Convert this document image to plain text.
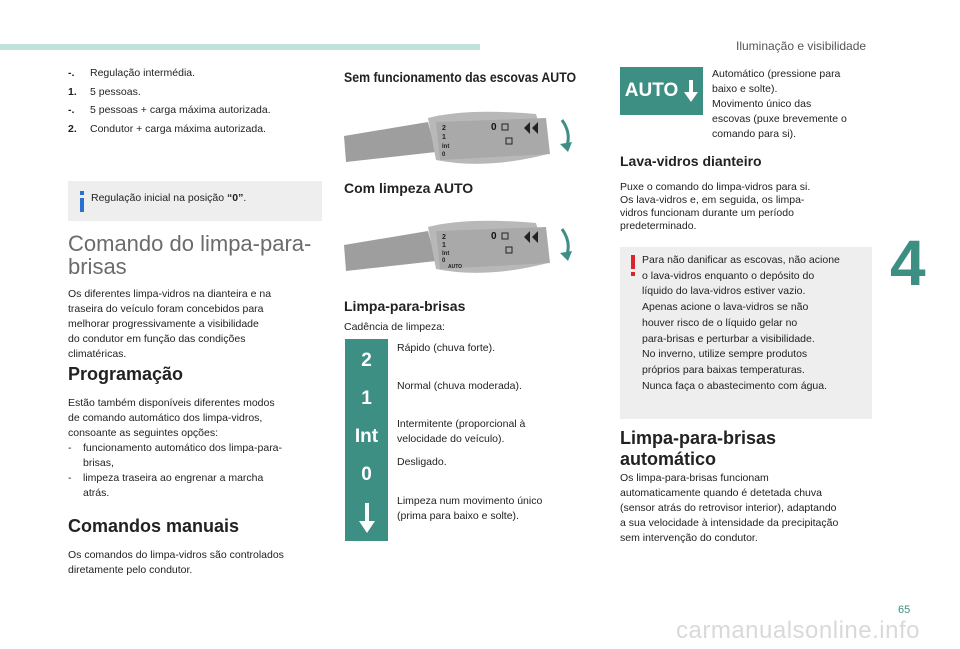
Iluminação e visibilidade
-.	Regulação intermédia.
1.	5 pessoas.
-.	5 pessoas + carga máxima autorizada.
2.	Condutor + carga máxima autorizada.
Regulação inicial na posição “0”.
Comando do limpa-para-
brisas
Os diferentes limpa-vidros na dianteira e na
traseira do veículo foram concebidos para
melhorar progressivamente a visibilidade
do condutor em função das condições
climatéricas.
Programação
Estão também disponíveis diferentes modos
de comando automático dos limpa-vidros,
consoante as seguintes opções:
-	funcionamento automático dos limpa-para-
brisas,
-	limpeza traseira ao engrenar a marcha
atrás.
Comandos manuais
Os comandos do limpa-vidros são controlados
diretamente pelo condutor.
Sem funcionamento das escovas AUTO
2
1
Int
0
0
Com limpeza AUTO
2
1
Int
0
AUTO
0
Limpa-para-brisas
Cadência de limpeza:
2
Rápido (chuva forte).
1
Normal (chuva moderada).
Int
Intermitente (proporcional à
velocidade do veículo).
0
Desligado.
Limpeza num movimento único
(prima para baixo e solte).
AUTO
Automático (pressione para
baixo e solte).
Movimento único das
escovas (puxe brevemente o
comando para si).
Lava-vidros dianteiro
Puxe o comando do limpa-vidros para si.
Os lava-vidros e, em seguida, os limpa-
vidros funcionam durante um período
predeterminado.
Para não danificar as escovas, não acione
o lava-vidros enquanto o depósito do
líquido do lava-vidros estiver vazio.
Apenas acione o lava-vidros se não
houver risco de o líquido gelar no
para-brisas e perturbar a visibilidade.
No inverno, utilize sempre produtos
próprios para baixas temperaturas.
Nunca faça o abastecimento com água.
Limpa-para-brisas
automático
Os limpa-para-brisas funcionam
automaticamente quando é detetada chuva
(sensor atrás do retrovisor interior), adaptando
a sua velocidade à intensidade da precipitação
sem intervenção do condutor.
4
65
carmanualsonline.info
